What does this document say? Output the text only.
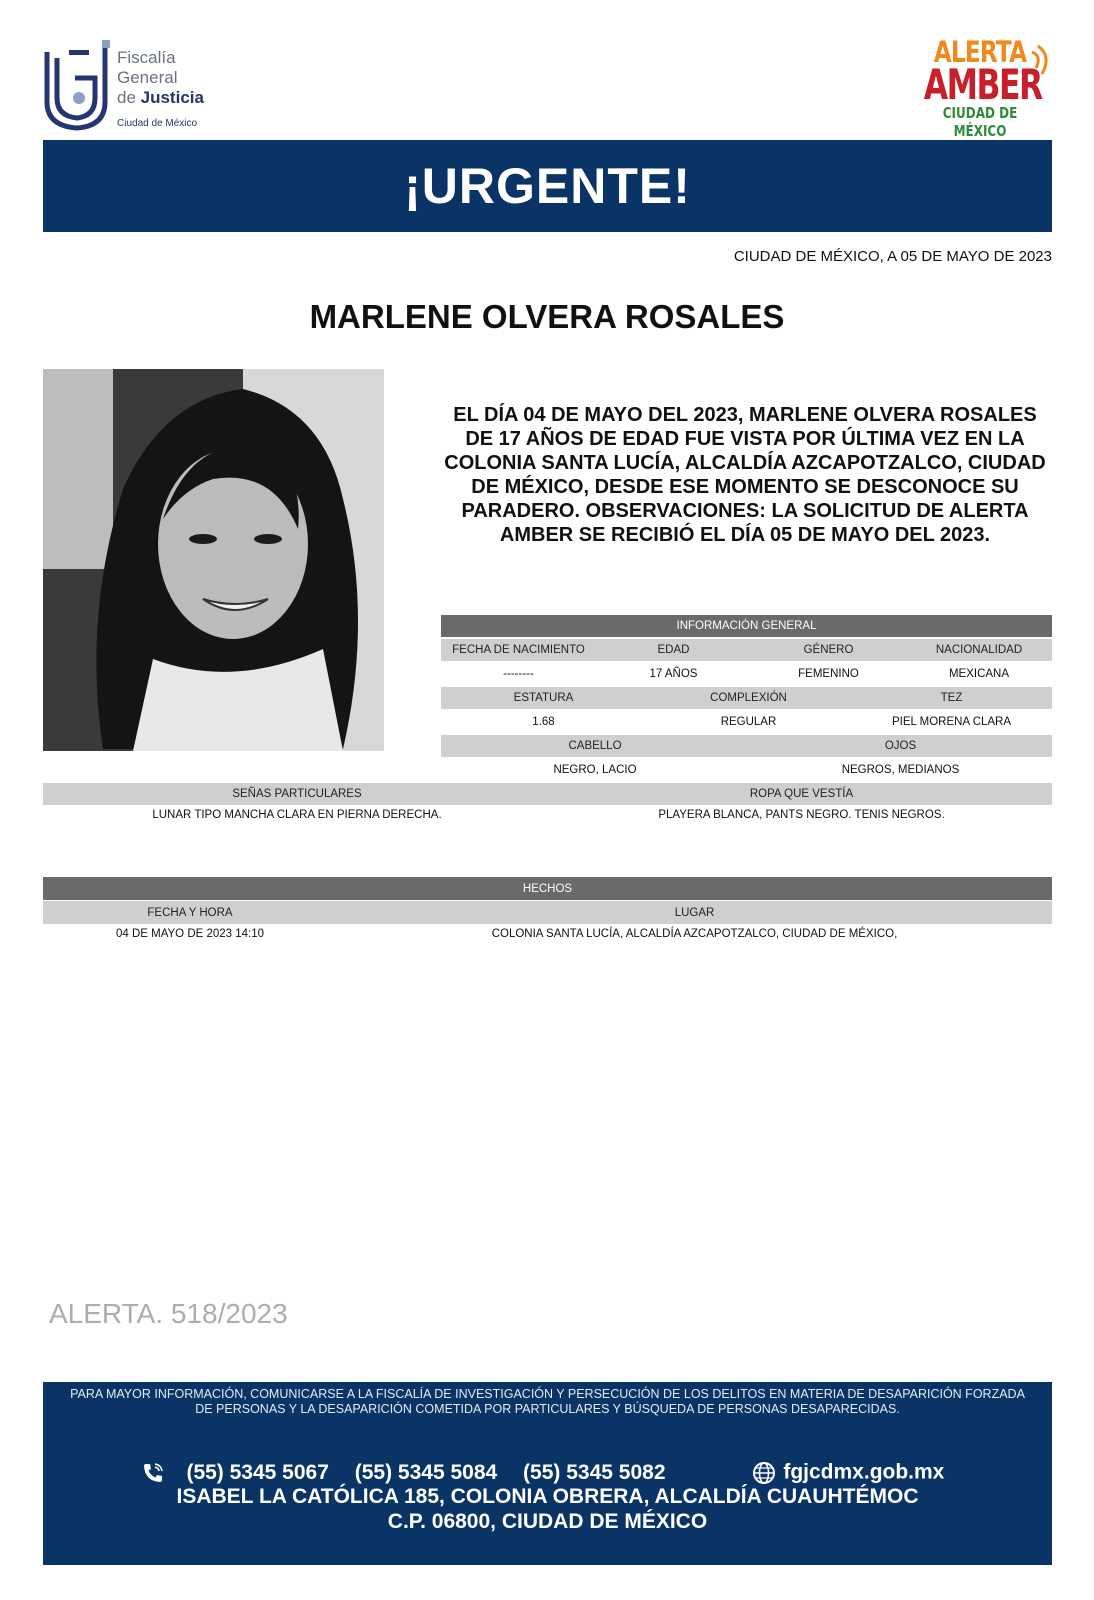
Fiscalía
General
de Justicia
Ciudad de México
ALERTA
AMBER
CIUDAD DE MÉXICO
¡URGENTE!
CIUDAD DE MÉXICO, A 05 DE MAYO DE 2023
MARLENE OLVERA ROSALES
EL DÍA 04 DE MAYO DEL 2023, MARLENE OLVERA ROSALES DE 17 AÑOS DE EDAD FUE VISTA POR ÚLTIMA VEZ EN LA COLONIA SANTA LUCÍA, ALCALDÍA AZCAPOTZALCO, CIUDAD DE MÉXICO, DESDE ESE MOMENTO SE DESCONOCE SU PARADERO. OBSERVACIONES: LA SOLICITUD DE ALERTA AMBER SE RECIBIÓ EL DÍA 05 DE MAYO DEL 2023.
INFORMACIÓN GENERAL
FECHA DE NACIMIENTO	EDAD	GÉNERO	NACIONALIDAD
--------	17 AÑOS	FEMENINO	MEXICANA
ESTATURA	COMPLEXIÓN	TEZ
1.68	REGULAR	PIEL MORENA CLARA
CABELLO	OJOS
NEGRO, LACIO	NEGROS, MEDIANOS
SEÑAS PARTICULARES	ROPA QUE VESTÍA
LUNAR TIPO MANCHA CLARA EN PIERNA DERECHA.	PLAYERA BLANCA, PANTS NEGRO. TENIS NEGROS.
HECHOS
FECHA Y HORA	LUGAR
04 DE MAYO DE 2023 14:10	COLONIA SANTA LUCÍA, ALCALDÍA AZCAPOTZALCO, CIUDAD DE MÉXICO,
ALERTA. 518/2023
PARA MAYOR INFORMACIÓN, COMUNICARSE A LA FISCALÍA DE INVESTIGACIÓN Y PERSECUCIÓN DE LOS DELITOS EN MATERIA DE DESAPARICIÓN FORZADA DE PERSONAS Y LA DESAPARICIÓN COMETIDA POR PARTICULARES Y BÚSQUEDA DE PERSONAS DESAPARECIDAS.
(55) 5345 5067 (55) 5345 5084 (55) 5345 5082	fgjcdmx.gob.mx
ISABEL LA CATÓLICA 185, COLONIA OBRERA, ALCALDÍA CUAUHTÉMOC
C.P. 06800, CIUDAD DE MÉXICO
